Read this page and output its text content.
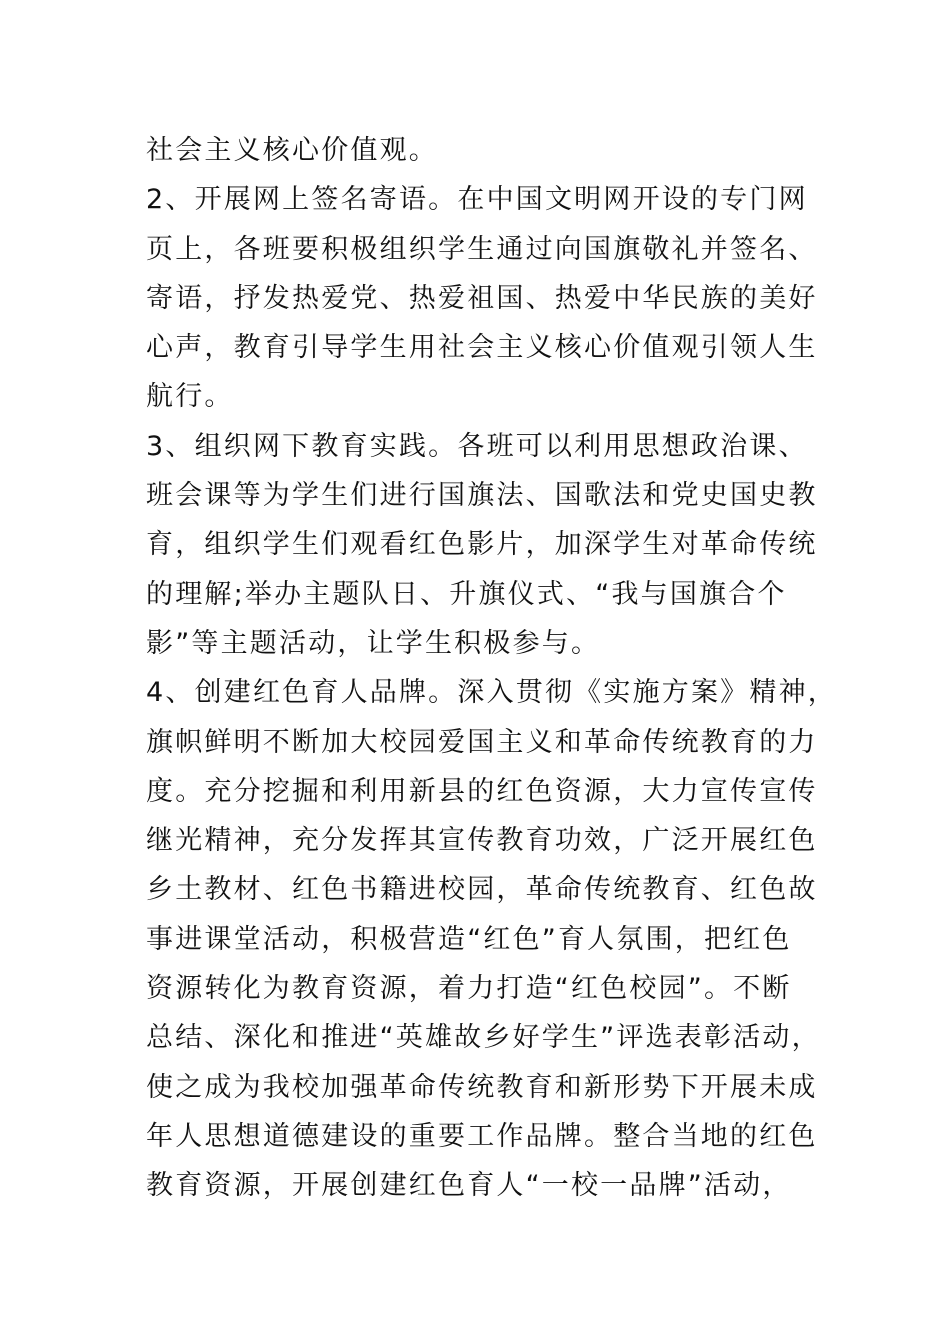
社会主义核心价值观。
2、开展网上签名寄语。在中国文明网开设的专门网
页上，各班要积极组织学生通过向国旗敬礼并签名、
寄语，抒发热爱党、热爱祖国、热爱中华民族的美好
心声，教育引导学生用社会主义核心价值观引领人生
航行。
3、组织网下教育实践。各班可以利用思想政治课、
班会课等为学生们进行国旗法、国歌法和党史国史教
育，组织学生们观看红色影片，加深学生对革命传统
的理解;举办主题队日、升旗仪式、“我与国旗合个
影”等主题活动，让学生积极参与。
4、创建红色育人品牌。深入贯彻《实施方案》精神，
旗帜鲜明不断加大校园爱国主义和革命传统教育的力
度。充分挖掘和利用新县的红色资源，大力宣传宣传
继光精神，充分发挥其宣传教育功效，广泛开展红色
乡土教材、红色书籍进校园，革命传统教育、红色故
事进课堂活动，积极营造“红色”育人氛围，把红色
资源转化为教育资源，着力打造“红色校园”。不断
总结、深化和推进“英雄故乡好学生”评选表彰活动，
使之成为我校加强革命传统教育和新形势下开展未成
年人思想道德建设的重要工作品牌。整合当地的红色
教育资源，开展创建红色育人“一校一品牌”活动，
